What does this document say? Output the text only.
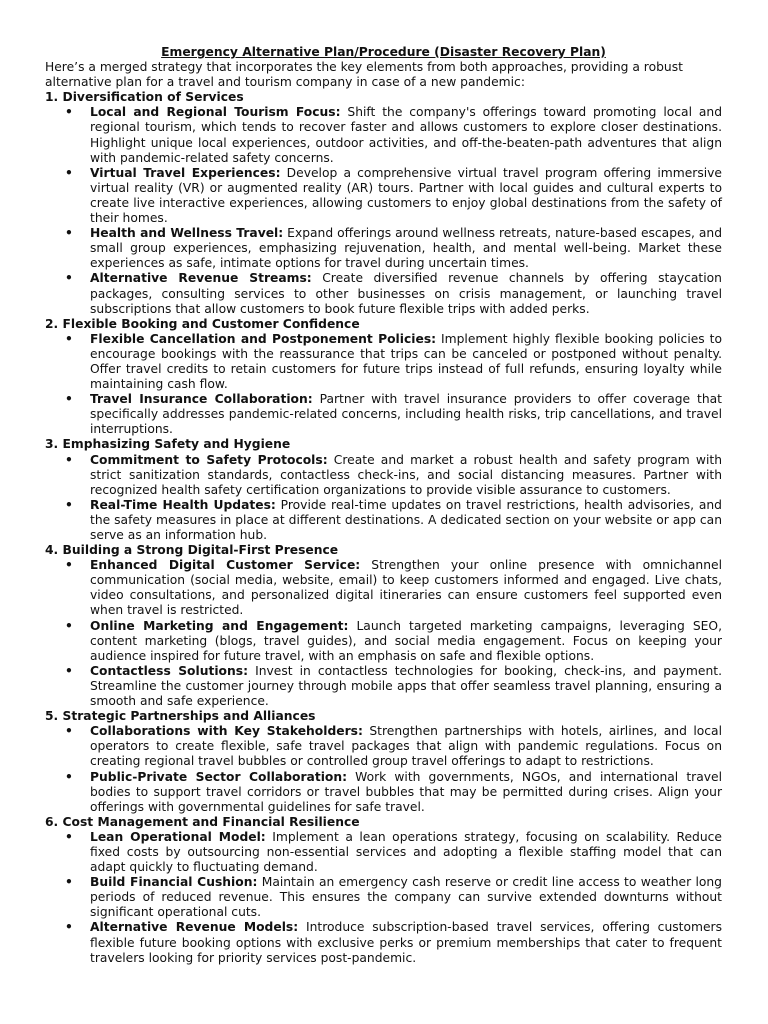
Emergency Alternative Plan/Procedure (Disaster Recovery Plan)

Here’s a merged strategy that incorporates the key elements from both approaches, providing a robust alternative plan for a travel and tourism company in case of a new pandemic:

1. Diversification of Services

• Local and Regional Tourism Focus: Shift the company's offerings toward promoting local and regional tourism, which tends to recover faster and allows customers to explore closer destinations. Highlight unique local experiences, outdoor activities, and off-the-beaten-path adventures that align with pandemic-related safety concerns.
• Virtual Travel Experiences: Develop a comprehensive virtual travel program offering immersive virtual reality (VR) or augmented reality (AR) tours. Partner with local guides and cultural experts to create live interactive experiences, allowing customers to enjoy global destinations from the safety of their homes.
• Health and Wellness Travel: Expand offerings around wellness retreats, nature-based escapes, and small group experiences, emphasizing rejuvenation, health, and mental well-being. Market these experiences as safe, intimate options for travel during uncertain times.
• Alternative Revenue Streams: Create diversified revenue channels by offering staycation packages, consulting services to other businesses on crisis management, or launching travel subscriptions that allow customers to book future flexible trips with added perks.

2. Flexible Booking and Customer Confidence

• Flexible Cancellation and Postponement Policies: Implement highly flexible booking policies to encourage bookings with the reassurance that trips can be canceled or postponed without penalty. Offer travel credits to retain customers for future trips instead of full refunds, ensuring loyalty while maintaining cash flow.
• Travel Insurance Collaboration: Partner with travel insurance providers to offer coverage that specifically addresses pandemic-related concerns, including health risks, trip cancellations, and travel interruptions.

3. Emphasizing Safety and Hygiene

• Commitment to Safety Protocols: Create and market a robust health and safety program with strict sanitization standards, contactless check-ins, and social distancing measures. Partner with recognized health safety certification organizations to provide visible assurance to customers.
• Real-Time Health Updates: Provide real-time updates on travel restrictions, health advisories, and the safety measures in place at different destinations. A dedicated section on your website or app can serve as an information hub.

4. Building a Strong Digital-First Presence

• Enhanced Digital Customer Service: Strengthen your online presence with omnichannel communication (social media, website, email) to keep customers informed and engaged. Live chats, video consultations, and personalized digital itineraries can ensure customers feel supported even when travel is restricted.
• Online Marketing and Engagement: Launch targeted marketing campaigns, leveraging SEO, content marketing (blogs, travel guides), and social media engagement. Focus on keeping your audience inspired for future travel, with an emphasis on safe and flexible options.
• Contactless Solutions: Invest in contactless technologies for booking, check-ins, and payment. Streamline the customer journey through mobile apps that offer seamless travel planning, ensuring a smooth and safe experience.

5. Strategic Partnerships and Alliances

• Collaborations with Key Stakeholders: Strengthen partnerships with hotels, airlines, and local operators to create flexible, safe travel packages that align with pandemic regulations. Focus on creating regional travel bubbles or controlled group travel offerings to adapt to restrictions.
• Public-Private Sector Collaboration: Work with governments, NGOs, and international travel bodies to support travel corridors or travel bubbles that may be permitted during crises. Align your offerings with governmental guidelines for safe travel.

6. Cost Management and Financial Resilience

• Lean Operational Model: Implement a lean operations strategy, focusing on scalability. Reduce fixed costs by outsourcing non-essential services and adopting a flexible staffing model that can adapt quickly to fluctuating demand.
• Build Financial Cushion: Maintain an emergency cash reserve or credit line access to weather long periods of reduced revenue. This ensures the company can survive extended downturns without significant operational cuts.
• Alternative Revenue Models: Introduce subscription-based travel services, offering customers flexible future booking options with exclusive perks or premium memberships that cater to frequent travelers looking for priority services post-pandemic.
